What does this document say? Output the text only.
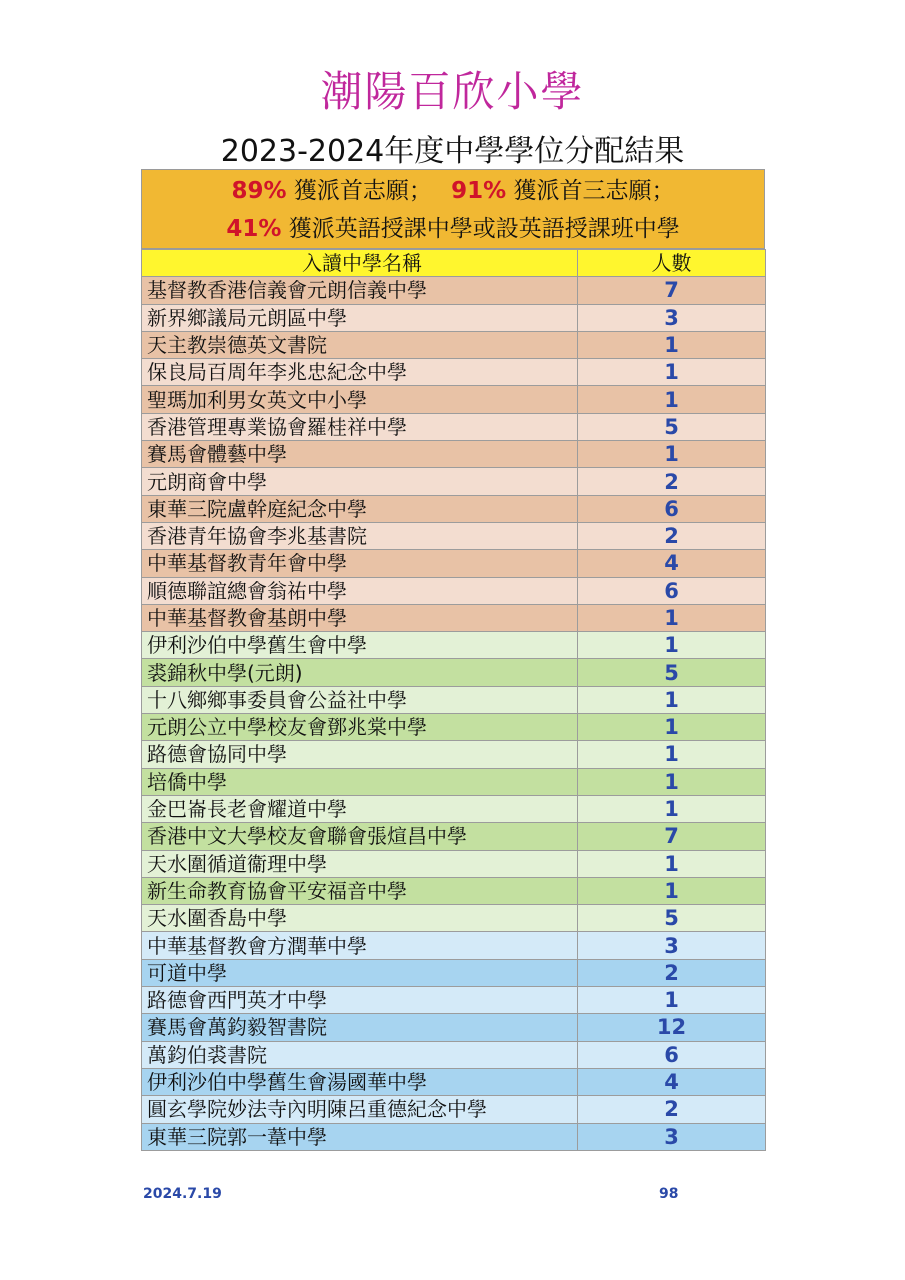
潮陽百欣小學
2023-2024年度中學學位分配結果
89% 獲派首志願； 91% 獲派首三志願；
41% 獲派英語授課中學或設英語授課班中學
入讀中學名稱	人數
基督教香港信義會元朗信義中學	7
新界鄉議局元朗區中學	3
天主教崇德英文書院	1
保良局百周年李兆忠紀念中學	1
聖瑪加利男女英文中小學	1
香港管理專業協會羅桂祥中學	5
賽馬會體藝中學	1
元朗商會中學	2
東華三院盧幹庭紀念中學	6
香港青年協會李兆基書院	2
中華基督教青年會中學	4
順德聯誼總會翁祐中學	6
中華基督教會基朗中學	1
伊利沙伯中學舊生會中學	1
裘錦秋中學(元朗)	5
十八鄉鄉事委員會公益社中學	1
元朗公立中學校友會鄧兆棠中學	1
路德會協同中學	1
培僑中學	1
金巴崙長老會耀道中學	1
香港中文大學校友會聯會張煊昌中學	7
天水圍循道衞理中學	1
新生命教育協會平安福音中學	1
天水圍香島中學	5
中華基督教會方潤華中學	3
可道中學	2
路德會西門英才中學	1
賽馬會萬鈞毅智書院	12
萬鈞伯裘書院	6
伊利沙伯中學舊生會湯國華中學	4
圓玄學院妙法寺內明陳呂重德紀念中學	2
東華三院郭一葦中學	3
2024.7.19	98
